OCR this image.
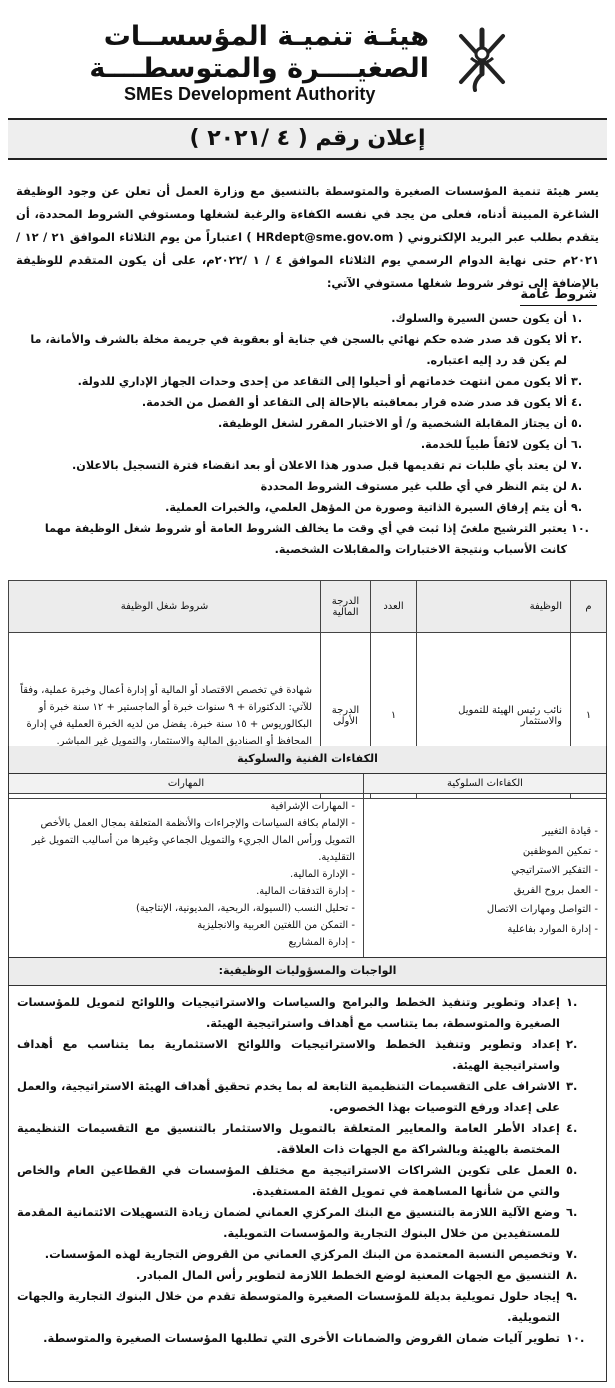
هيئـة تنميـة المؤسســات
الصغيــــرة والمتوسطــــة
SMEs Development Authority
إعلان رقم ( ٤ /٢٠٢١ )

يسر هيئة تنمية المؤسسات الصغيرة والمتوسطة بالتنسيق مع وزارة العمل أن تعلن عن وجود الوظيفة الشاغرة المبينة أدناه، فعلى من يجد في نفسه الكفاءة والرغبة لشغلها ومستوفي الشروط المحددة، أن يتقدم بطلب عبر البريد الإلكتروني ( HRdept@sme.gov.om ) اعتباراً من يوم الثلاثاء الموافق ٢١ / ١٢ /٢٠٢١م حتى نهاية الدوام الرسمي يوم الثلاثاء الموافق ٤ / ١ /٢٠٢٢م، على أن يكون المتقدم للوظيفة بالإضافة إلى توفر شروط شغلها مستوفي الآتي:

شروط عامة
١.
أن يكون حسن السيرة والسلوك.
٢.
ألا يكون قد صدر ضده حكم نهائي بالسجن في جناية أو بعقوبة في جريمة مخلة بالشرف والأمانة، ما لم يكن قد رد إليه اعتباره.
٣.
ألا يكون ممن انتهت خدماتهم أو أحيلوا إلى التقاعد من إحدى وحدات الجهاز الإداري للدولة.
٤.
ألا يكون قد صدر ضده قرار بمعاقبته بالإحالة إلى التقاعد أو الفصل من الخدمة.
٥.
أن يجتاز المقابلة الشخصية و/ أو الاختبار المقرر لشغل الوظيفة.
٦.
أن يكون لائقاً طبياً للخدمة.
٧.
لن يعتد بأي طلبات تم تقديمها قبل صدور هذا الاعلان أو بعد انقضاء فترة التسجيل بالاعلان.
٨.
لن يتم النظر في أي طلب غير مستوف الشروط المحددة
٩.
أن يتم إرفاق السيرة الذاتية وصورة من المؤهل العلمي، والخبرات العملية.
١٠.
يعتبر الترشيح ملغىً إذا ثبت في أي وقت ما يخالف الشروط العامة أو شروط شغل الوظيفة مهما كانت الأسباب ونتيجة الاختبارات والمقابلات الشخصية.
م	الوظيفة	العدد	الدرجة المالية	شروط شغل الوظيفة
١	نائب رئيس الهيئة للتمويل والاستثمار	١	الدرجة الأولى	شهادة في تخصص الاقتصاد أو المالية أو إدارة أعمال وخبرة عملية، وفقاً للآتي: الدكتوراة + ٩ سنوات خبرة أو الماجستير + ١٢ سنة خبرة أو البكالوريوس + ١٥ سنة خبرة. يفضل من لديه الخبرة العملية في إدارة المحافظ أو الصناديق المالية والاستثمار، والتمويل غير المباشر.
الكفاءات الفنية والسلوكية
الكفاءات السلوكية
- قيادة التغيير
- تمكين الموظفين
- التفكير الاستراتيجي
- العمل بروح الفريق
- التواصل ومهارات الاتصال
- إدارة الموارد بفاعلية
المهارات
- المهارات الإشرافية
- الإلمام بكافة السياسات والإجراءات والأنظمة المتعلقة بمجال العمل بالأخص التمويل ورأس المال الجريء والتمويل الجماعي وغيرها من أساليب التمويل غير التقليدية.
- الإدارة المالية.
- إدارة التدفقات المالية.
- تحليل النسب (السيولة، الربحية، المديونية، الإنتاجية)
- التمكن من اللغتين العربية والانجليزية
- إدارة المشاريع
الواجبات والمسؤوليات الوظيفية:
١.
إعداد وتطوير وتنفيذ الخطط والبرامج والسياسات والاستراتيجيات واللوائح لتمويل للمؤسسات الصغيرة والمتوسطة، بما يتناسب مع أهداف واستراتيجية الهيئة.
٢.
إعداد وتطوير وتنفيذ الخطط والاستراتيجيات واللوائح الاستثمارية بما يتناسب مع أهداف واستراتيجية الهيئة.
٣.
الاشراف على التقسيمات التنظيمية التابعة له بما يخدم تحقيق أهداف الهيئة الاستراتيجية، والعمل على إعداد ورفع التوصيات بهذا الخصوص.
٤.
إعداد الأطر العامة والمعايير المتعلقة بالتمويل والاستثمار بالتنسيق مع التقسيمات التنظيمية المختصة بالهيئة وبالشراكة مع الجهات ذات العلاقة.
٥.
العمل على تكوين الشراكات الاستراتيجية مع مختلف المؤسسات في القطاعين العام والخاص والتي من شأنها المساهمة في تمويل الفئة المستفيدة.
٦.
وضع الآلية اللازمة بالتنسيق مع البنك المركزي العماني لضمان زيادة التسهيلات الائتمانية المقدمة للمستفيدين من خلال البنوك التجارية والمؤسسات التمويلية.
٧.
وتخصيص النسبة المعتمدة من البنك المركزي العماني من القروض التجارية لهذه المؤسسات.
٨.
التنسيق مع الجهات المعنية لوضع الخطط اللازمة لتطوير رأس المال المبادر.
٩.
إيجاد حلول تمويلية بديلة للمؤسسات الصغيرة والمتوسطة تقدم من خلال البنوك التجارية والجهات التمويلية.
١٠.
تطوير آليات ضمان القروض والضمانات الأخرى التي تطلبها المؤسسات الصغيرة والمتوسطة.
